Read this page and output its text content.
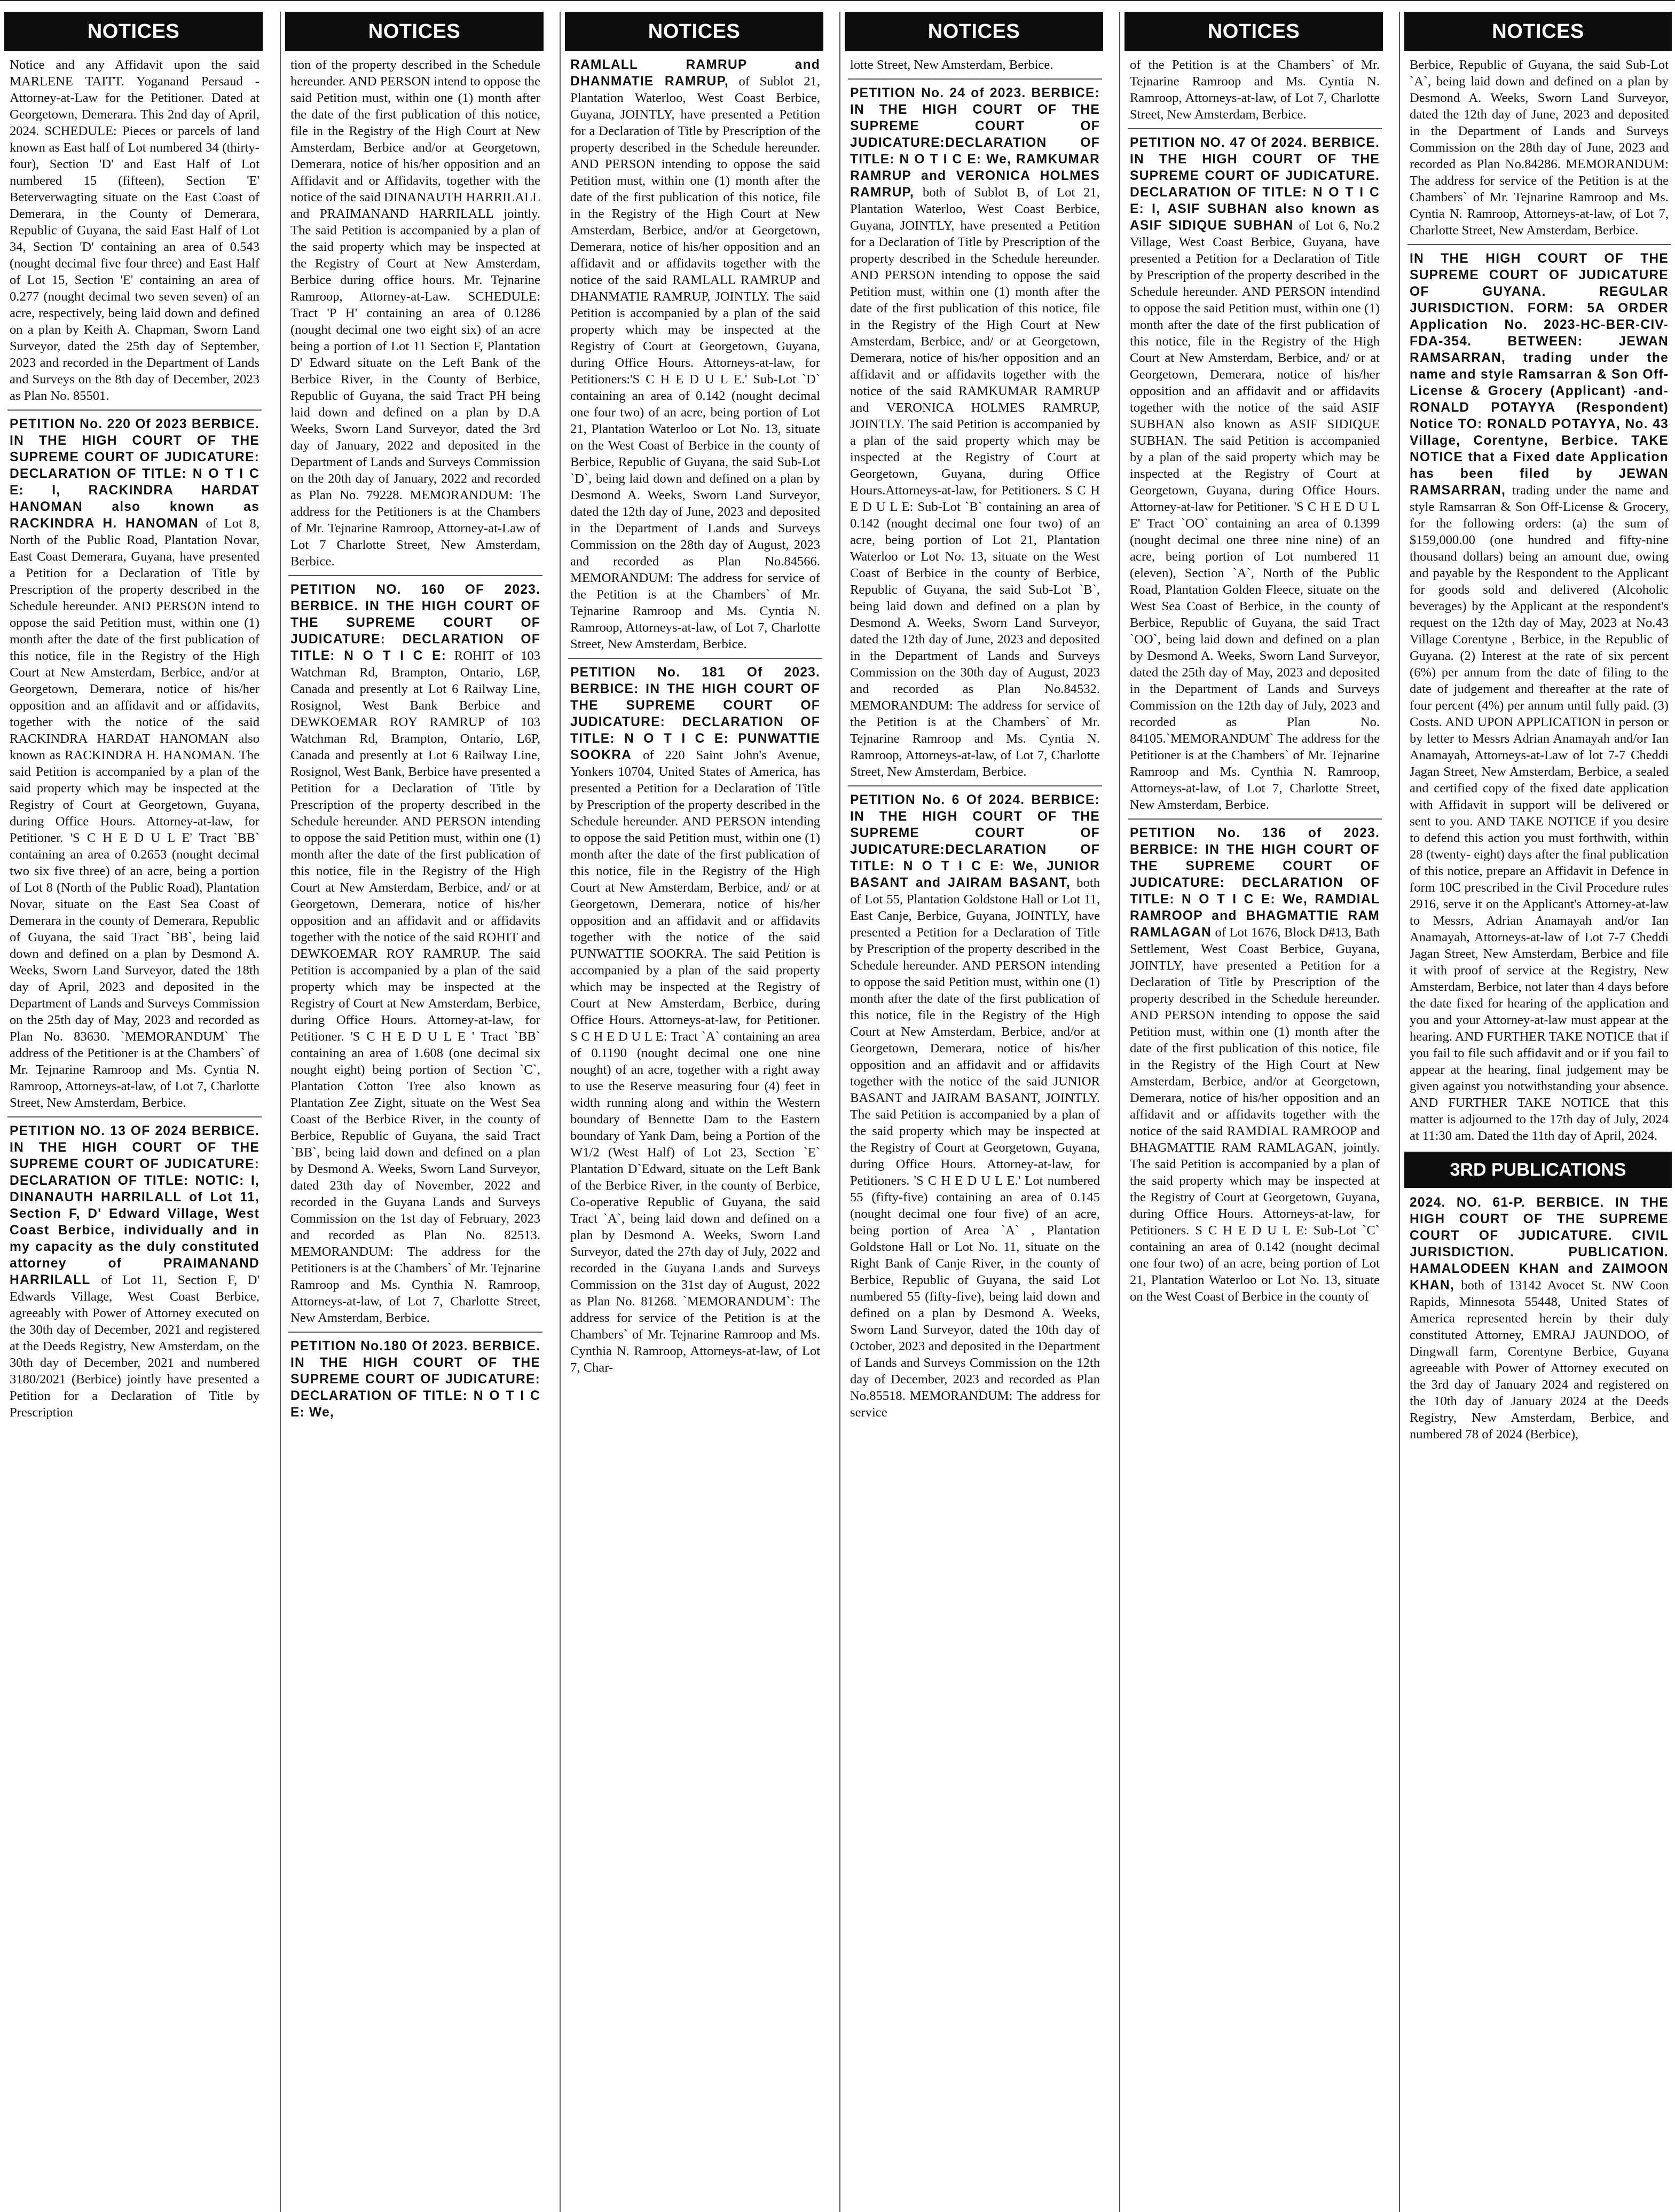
NOTICES

Notice and any Affidavit upon the said MARLENE TAITT. Yoganand Persaud - Attorney-at-Law for the Petitioner. Dated at Georgetown, Demerara. This 2nd day of April, 2024. SCHEDULE: Pieces or parcels of land known as East half of Lot numbered 34 (thirty-four), Section 'D' and East Half of Lot numbered 15 (fifteen), Section 'E' Beterverwagting situate on the East Coast of Demerara, in the County of Demerara, Republic of Guyana, the said East Half of Lot 34, Section 'D' containing an area of 0.543 (nought decimal five four three) and East Half of Lot 15, Section 'E' containing an area of 0.277 (nought decimal two seven seven) of an acre, respectively, being laid down and defined on a plan by Keith A. Chapman, Sworn Land Surveyor, dated the 25th day of September, 2023 and recorded in the Department of Lands and Surveys on the 8th day of December, 2023 as Plan No. 85501.

PETITION No. 220 Of 2023 BERBICE. IN THE HIGH COURT OF THE SUPREME COURT OF JUDICATURE: DECLARATION OF TITLE: N O T I C E: I, RACKINDRA HARDAT HANOMAN also known as RACKINDRA H. HANOMAN of Lot 8, North of the Public Road, Plantation Novar, East Coast Demerara, Guyana, have presented a Petition for a Declaration of Title by Prescription of the property described in the Schedule hereunder. AND PERSON intend to oppose the said Petition must, within one (1) month after the date of the first publication of this notice, file in the Registry of the High Court at New Amsterdam, Berbice, and/or at Georgetown, Demerara, notice of his/her opposition and an affidavit and or affidavits, together with the notice of the said RACKINDRA HARDAT HANOMAN also known as RACKINDRA H. HANOMAN. The said Petition is accompanied by a plan of the said property which may be inspected at the Registry of Court at Georgetown, Guyana, during Office Hours. Attorney-at-law, for Petitioner. 'S C H E D U L E' Tract `BB` containing an area of 0.2653 (nought decimal two six five three) of an acre, being a portion of Lot 8 (North of the Public Road), Plantation Novar, situate on the East Sea Coast of Demerara in the county of Demerara, Republic of Guyana, the said Tract `BB`, being laid down and defined on a plan by Desmond A. Weeks, Sworn Land Surveyor, dated the 18th day of April, 2023 and deposited in the Department of Lands and Surveys Commission on the 25th day of May, 2023 and recorded as Plan No. 83630. `MEMORANDUM` The address of the Petitioner is at the Chambers` of Mr. Tejnarine Ramroop and Ms. Cyntia N. Ramroop, Attorneys-at-law, of Lot 7, Charlotte Street, New Amsterdam, Berbice.

PETITION NO. 13 OF 2024 BERBICE. IN THE HIGH COURT OF THE SUPREME COURT OF JUDICATURE: DECLARATION OF TITLE: NOTIC: I, DINANAUTH HARRILALL of Lot 11, Section F, D' Edward Village, West Coast Berbice, individually and in my capacity as the duly constituted attorney of PRAIMANAND HARRILALL of Lot 11, Section F, D' Edwards Village, West Coast Berbice, agreeably with Power of Attorney executed on the 30th day of December, 2021 and registered at the Deeds Registry, New Amsterdam, on the 30th day of December, 2021 and numbered 3180/2021 (Berbice) jointly have presented a Petition for a Declaration of Title by Prescription

NOTICES

tion of the property described in the Schedule hereunder. AND PERSON intend to oppose the said Petition must, within one (1) month after the date of the first publication of this notice, file in the Registry of the High Court at New Amsterdam, Berbice and/or at Georgetown, Demerara, notice of his/her opposition and an Affidavit and or Affidavits, together with the notice of the said DINANAUTH HARRILALL and PRAIMANAND HARRILALL jointly. The said Petition is accompanied by a plan of the said property which may be inspected at the Registry of Court at New Amsterdam, Berbice during office hours. Mr. Tejnarine Ramroop, Attorney-at-Law. SCHEDULE: Tract 'P H' containing an area of 0.1286 (nought decimal one two eight six) of an acre being a portion of Lot 11 Section F, Plantation D' Edward situate on the Left Bank of the Berbice River, in the County of Berbice, Republic of Guyana, the said Tract PH being laid down and defined on a plan by D.A Weeks, Sworn Land Surveyor, dated the 3rd day of January, 2022 and deposited in the Department of Lands and Surveys Commission on the 20th day of January, 2022 and recorded as Plan No. 79228. MEMORANDUM: The address for the Petitioners is at the Chambers of Mr. Tejnarine Ramroop, Attorney-at-Law of Lot 7 Charlotte Street, New Amsterdam, Berbice.

PETITION NO. 160 OF 2023. BERBICE. IN THE HIGH COURT OF THE SUPREME COURT OF JUDICATURE: DECLARATION OF TITLE: N O T I C E: ROHIT of 103 Watchman Rd, Brampton, Ontario, L6P, Canada and presently at Lot 6 Railway Line, Rosignol, West Bank Berbice and DEWKOEMAR ROY RAMRUP of 103 Watchman Rd, Brampton, Ontario, L6P, Canada and presently at Lot 6 Railway Line, Rosignol, West Bank, Berbice have presented a Petition for a Declaration of Title by Prescription of the property described in the Schedule hereunder. AND PERSON intending to oppose the said Petition must, within one (1) month after the date of the first publication of this notice, file in the Registry of the High Court at New Amsterdam, Berbice, and/ or at Georgetown, Demerara, notice of his/her opposition and an affidavit and or affidavits together with the notice of the said ROHIT and DEWKOEMAR ROY RAMRUP. The said Petition is accompanied by a plan of the said property which may be inspected at the Registry of Court at New Amsterdam, Berbice, during Office Hours. Attorney-at-law, for Petitioner. 'S C H E D U L E ' Tract `BB` containing an area of 1.608 (one decimal six nought eight) being portion of Section `C`, Plantation Cotton Tree also known as Plantation Zee Zight, situate on the West Sea Coast of the Berbice River, in the county of Berbice, Republic of Guyana, the said Tract `BB`, being laid down and defined on a plan by Desmond A. Weeks, Sworn Land Surveyor, dated 23th day of November, 2022 and recorded in the Guyana Lands and Surveys Commission on the 1st day of February, 2023 and recorded as Plan No. 82513. MEMORANDUM: The address for the Petitioners is at the Chambers` of Mr. Tejnarine Ramroop and Ms. Cynthia N. Ramroop, Attorneys-at-law, of Lot 7, Charlotte Street, New Amsterdam, Berbice.

PETITION No.180 Of 2023. BERBICE. IN THE HIGH COURT OF THE SUPREME COURT OF JUDICATURE: DECLARATION OF TITLE: N O T I C E: We,

NOTICES

RAMLALL RAMRUP and DHANMATIE RAMRUP, of Sublot 21, Plantation Waterloo, West Coast Berbice, Guyana, JOINTLY, have presented a Petition for a Declaration of Title by Prescription of the property described in the Schedule hereunder. AND PERSON intending to oppose the said Petition must, within one (1) month after the date of the first publication of this notice, file in the Registry of the High Court at New Amsterdam, Berbice, and/or at Georgetown, Demerara, notice of his/her opposition and an affidavit and or affidavits together with the notice of the said RAMLALL RAMRUP and DHANMATIE RAMRUP, JOINTLY. The said Petition is accompanied by a plan of the said property which may be inspected at the Registry of Court at Georgetown, Guyana, during Office Hours. Attorneys-at-law, for Petitioners:'S C H E D U L E.' Sub-Lot `D` containing an area of 0.142 (nought decimal one four two) of an acre, being portion of Lot 21, Plantation Waterloo or Lot No. 13, situate on the West Coast of Berbice in the county of Berbice, Republic of Guyana, the said Sub-Lot `D`, being laid down and defined on a plan by Desmond A. Weeks, Sworn Land Surveyor, dated the 12th day of June, 2023 and deposited in the Department of Lands and Surveys Commission on the 28th day of August, 2023 and recorded as Plan No.84566. MEMORANDUM: The address for service of the Petition is at the Chambers` of Mr. Tejnarine Ramroop and Ms. Cyntia N. Ramroop, Attorneys-at-law, of Lot 7, Charlotte Street, New Amsterdam, Berbice.

PETITION No. 181 Of 2023. BERBICE: IN THE HIGH COURT OF THE SUPREME COURT OF JUDICATURE: DECLARATION OF TITLE: N O T I C E: PUNWATTIE SOOKRA of 220 Saint John's Avenue, Yonkers 10704, United States of America, has presented a Petition for a Declaration of Title by Prescription of the property described in the Schedule hereunder. AND PERSON intending to oppose the said Petition must, within one (1) month after the date of the first publication of this notice, file in the Registry of the High Court at New Amsterdam, Berbice, and/ or at Georgetown, Demerara, notice of his/her opposition and an affidavit and or affidavits together with the notice of the said PUNWATTIE SOOKRA. The said Petition is accompanied by a plan of the said property which may be inspected at the Registry of Court at New Amsterdam, Berbice, during Office Hours. Attorneys-at-law, for Petitioner. S C H E D U L E: Tract `A` containing an area of 0.1190 (nought decimal one one nine nought) of an acre, together with a right away to use the Reserve measuring four (4) feet in width running along and within the Western boundary of Bennette Dam to the Eastern boundary of Yank Dam, being a Portion of the W1/2 (West Half) of Lot 23, Section `E` Plantation D`Edward, situate on the Left Bank of the Berbice River, in the county of Berbice, Co-operative Republic of Guyana, the said Tract `A`, being laid down and defined on a plan by Desmond A. Weeks, Sworn Land Surveyor, dated the 27th day of July, 2022 and recorded in the Guyana Lands and Surveys Commission on the 31st day of August, 2022 as Plan No. 81268. `MEMORANDUM`: The address for service of the Petition is at the Chambers` of Mr. Tejnarine Ramroop and Ms. Cynthia N. Ramroop, Attorneys-at-law, of Lot 7, Char-

NOTICES

lotte Street, New Amsterdam, Berbice.

PETITION No. 24 of 2023. BERBICE: IN THE HIGH COURT OF THE SUPREME COURT OF JUDICATURE:DECLARATION OF TITLE: N O T I C E: We, RAMKUMAR RAMRUP and VERONICA HOLMES RAMRUP, both of Sublot B, of Lot 21, Plantation Waterloo, West Coast Berbice, Guyana, JOINTLY, have presented a Petition for a Declaration of Title by Prescription of the property described in the Schedule hereunder. AND PERSON intending to oppose the said Petition must, within one (1) month after the date of the first publication of this notice, file in the Registry of the High Court at New Amsterdam, Berbice, and/ or at Georgetown, Demerara, notice of his/her opposition and an affidavit and or affidavits together with the notice of the said RAMKUMAR RAMRUP and VERONICA HOLMES RAMRUP, JOINTLY. The said Petition is accompanied by a plan of the said property which may be inspected at the Registry of Court at Georgetown, Guyana, during Office Hours.Attorneys-at-law, for Petitioners. S C H E D U L E: Sub-Lot `B` containing an area of 0.142 (nought decimal one four two) of an acre, being portion of Lot 21, Plantation Waterloo or Lot No. 13, situate on the West Coast of Berbice in the county of Berbice, Republic of Guyana, the said Sub-Lot `B`, being laid down and defined on a plan by Desmond A. Weeks, Sworn Land Surveyor, dated the 12th day of June, 2023 and deposited in the Department of Lands and Surveys Commission on the 30th day of August, 2023 and recorded as Plan No.84532. MEMORANDUM: The address for service of the Petition is at the Chambers` of Mr. Tejnarine Ramroop and Ms. Cyntia N. Ramroop, Attorneys-at-law, of Lot 7, Charlotte Street, New Amsterdam, Berbice.

PETITION No. 6 Of 2024. BERBICE: IN THE HIGH COURT OF THE SUPREME COURT OF JUDICATURE:DECLARATION OF TITLE: N O T I C E: We, JUNIOR BASANT and JAIRAM BASANT, both of Lot 55, Plantation Goldstone Hall or Lot 11, East Canje, Berbice, Guyana, JOINTLY, have presented a Petition for a Declaration of Title by Prescription of the property described in the Schedule hereunder. AND PERSON intending to oppose the said Petition must, within one (1) month after the date of the first publication of this notice, file in the Registry of the High Court at New Amsterdam, Berbice, and/or at Georgetown, Demerara, notice of his/her opposition and an affidavit and or affidavits together with the notice of the said JUNIOR BASANT and JAIRAM BASANT, JOINTLY. The said Petition is accompanied by a plan of the said property which may be inspected at the Registry of Court at Georgetown, Guyana, during Office Hours. Attorney-at-law, for Petitioners. 'S C H E D U L E.' Lot numbered 55 (fifty-five) containing an area of 0.145 (nought decimal one four five) of an acre, being portion of Area `A` , Plantation Goldstone Hall or Lot No. 11, situate on the Right Bank of Canje River, in the county of Berbice, Republic of Guyana, the said Lot numbered 55 (fifty-five), being laid down and defined on a plan by Desmond A. Weeks, Sworn Land Surveyor, dated the 10th day of October, 2023 and deposited in the Department of Lands and Surveys Commission on the 12th day of December, 2023 and recorded as Plan No.85518. MEMORANDUM: The address for service

NOTICES

of the Petition is at the Chambers` of Mr. Tejnarine Ramroop and Ms. Cyntia N. Ramroop, Attorneys-at-law, of Lot 7, Charlotte Street, New Amsterdam, Berbice.

PETITION NO. 47 Of 2024. BERBICE. IN THE HIGH COURT OF THE SUPREME COURT OF JUDICATURE. DECLARATION OF TITLE: N O T I C E: I, ASIF SUBHAN also known as ASIF SIDIQUE SUBHAN of Lot 6, No.2 Village, West Coast Berbice, Guyana, have presented a Petition for a Declaration of Title by Prescription of the property described in the Schedule hereunder. AND PERSON intendind to oppose the said Petition must, within one (1) month after the date of the first publication of this notice, file in the Registry of the High Court at New Amsterdam, Berbice, and/ or at Georgetown, Demerara, notice of his/her opposition and an affidavit and or affidavits together with the notice of the said ASIF SUBHAN also known as ASIF SIDIQUE SUBHAN. The said Petition is accompanied by a plan of the said property which may be inspected at the Registry of Court at Georgetown, Guyana, during Office Hours. Attorney-at-law for Petitioner. 'S C H E D U L E' Tract `OO` containing an area of 0.1399 (nought decimal one three nine nine) of an acre, being portion of Lot numbered 11 (eleven), Section `A`, North of the Public Road, Plantation Golden Fleece, situate on the West Sea Coast of Berbice, in the county of Berbice, Republic of Guyana, the said Tract `OO`, being laid down and defined on a plan by Desmond A. Weeks, Sworn Land Surveyor, dated the 25th day of May, 2023 and deposited in the Department of Lands and Surveys Commission on the 12th day of July, 2023 and recorded as Plan No. 84105.`MEMORANDUM` The address for the Petitioner is at the Chambers` of Mr. Tejnarine Ramroop and Ms. Cynthia N. Ramroop, Attorneys-at-law, of Lot 7, Charlotte Street, New Amsterdam, Berbice.

PETITION No. 136 of 2023. BERBICE: IN THE HIGH COURT OF THE SUPREME COURT OF JUDICATURE: DECLARATION OF TITLE: N O T I C E: We, RAMDIAL RAMROOP and BHAGMATTIE RAM RAMLAGAN of Lot 1676, Block D#13, Bath Settlement, West Coast Berbice, Guyana, JOINTLY, have presented a Petition for a Declaration of Title by Prescription of the property described in the Schedule hereunder. AND PERSON intending to oppose the said Petition must, within one (1) month after the date of the first publication of this notice, file in the Registry of the High Court at New Amsterdam, Berbice, and/or at Georgetown, Demerara, notice of his/her opposition and an affidavit and or affidavits together with the notice of the said RAMDIAL RAMROOP and BHAGMATTIE RAM RAMLAGAN, jointly. The said Petition is accompanied by a plan of the said property which may be inspected at the Registry of Court at Georgetown, Guyana, during Office Hours. Attorneys-at-law, for Petitioners. S C H E D U L E: Sub-Lot `C` containing an area of 0.142 (nought decimal one four two) of an acre, being portion of Lot 21, Plantation Waterloo or Lot No. 13, situate on the West Coast of Berbice in the county of

NOTICES

Berbice, Republic of Guyana, the said Sub-Lot `A`, being laid down and defined on a plan by Desmond A. Weeks, Sworn Land Surveyor, dated the 12th day of June, 2023 and deposited in the Department of Lands and Surveys Commission on the 28th day of June, 2023 and recorded as Plan No.84286. MEMORANDUM: The address for service of the Petition is at the Chambers` of Mr. Tejnarine Ramroop and Ms. Cyntia N. Ramroop, Attorneys-at-law, of Lot 7, Charlotte Street, New Amsterdam, Berbice.

IN THE HIGH COURT OF THE SUPREME COURT OF JUDICATURE OF GUYANA. REGULAR JURISDICTION. FORM: 5A ORDER Application No. 2023-HC-BER-CIV-FDA-354. BETWEEN: JEWAN RAMSARRAN, trading under the name and style Ramsarran & Son Off-License & Grocery (Applicant) -and- RONALD POTAYYA (Respondent) Notice TO: RONALD POTAYYA, No. 43 Village, Corentyne, Berbice. TAKE NOTICE that a Fixed date Application has been filed by JEWAN RAMSARRAN, trading under the name and style Ramsarran & Son Off-License & Grocery, for the following orders: (a) the sum of $159,000.00 (one hundred and fifty-nine thousand dollars) being an amount due, owing and payable by the Respondent to the Applicant for goods sold and delivered (Alcoholic beverages) by the Applicant at the respondent's request on the 12th day of May, 2023 at No.43 Village Corentyne , Berbice, in the Republic of Guyana. (2) Interest at the rate of six percent (6%) per annum from the date of filing to the date of judgement and thereafter at the rate of four percent (4%) per annum until fully paid. (3) Costs. AND UPON APPLICATION in person or by letter to Messrs Adrian Anamayah and/or Ian Anamayah, Attorneys-at-Law of lot 7-7 Cheddi Jagan Street, New Amsterdam, Berbice, a sealed and certified copy of the fixed date application with Affidavit in support will be delivered or sent to you. AND TAKE NOTICE if you desire to defend this action you must forthwith, within 28 (twenty- eight) days after the final publication of this notice, prepare an Affidavit in Defence in form 10C prescribed in the Civil Procedure rules 2916, serve it on the Applicant's Attorney-at-law to Messrs, Adrian Anamayah and/or Ian Anamayah, Attorneys-at-law of Lot 7-7 Cheddi Jagan Street, New Amsterdam, Berbice and file it with proof of service at the Registry, New Amsterdam, Berbice, not later than 4 days before the date fixed for hearing of the application and you and your Attorney-at-law must appear at the hearing. AND FURTHER TAKE NOTICE that if you fail to file such affidavit and or if you fail to appear at the hearing, final judgement may be given against you notwithstanding your absence. AND FURTHER TAKE NOTICE that this matter is adjourned to the 17th day of July, 2024 at 11:30 am. Dated the 11th day of April, 2024.

3RD PUBLICATIONS

2024. NO. 61-P. BERBICE. IN THE HIGH COURT OF THE SUPREME COURT OF JUDICATURE. CIVIL JURISDICTION. PUBLICATION. HAMALODEEN KHAN and ZAIMOON KHAN, both of 13142 Avocet St. NW Coon Rapids, Minnesota 55448, United States of America represented herein by their duly constituted Attorney, EMRAJ JAUNDOO, of Dingwall farm, Corentyne Berbice, Guyana agreeable with Power of Attorney executed on the 3rd day of January 2024 and registered on the 10th day of January 2024 at the Deeds Registry, New Amsterdam, Berbice, and numbered 78 of 2024 (Berbice),
